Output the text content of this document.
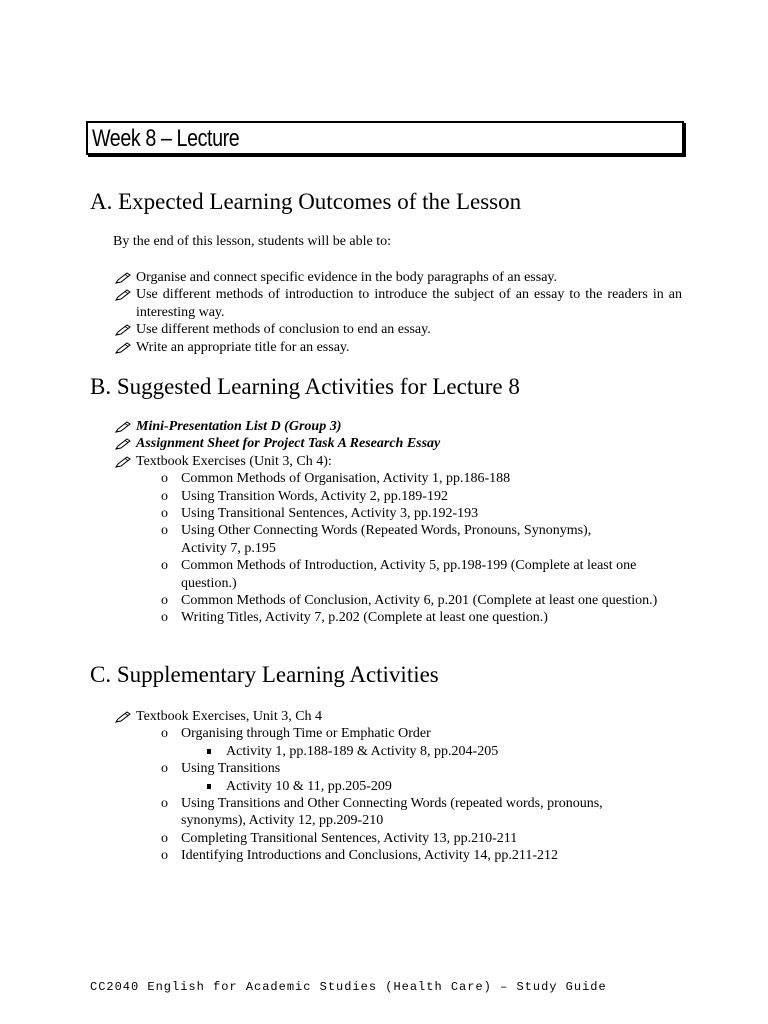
Week 8 – Lecture
A. Expected Learning Outcomes of the Lesson

By the end of this lesson, students will be able to:

Organise and connect specific evidence in the body paragraphs of an essay.
Use different methods of introduction to introduce the subject of an essay to the readers in an interesting way.
Use different methods of conclusion to end an essay.
Write an appropriate title for an essay.
B. Suggested Learning Activities for Lecture 8
Mini-Presentation List D (Group 3)
Assignment Sheet for Project Task A Research Essay
Textbook Exercises (Unit 3, Ch 4):
o Common Methods of Organisation, Activity 1, pp.186-188
o Using Transition Words, Activity 2, pp.189-192
o Using Transitional Sentences, Activity 3, pp.192-193
o Using Other Connecting Words (Repeated Words, Pronouns, Synonyms), Activity 7, p.195
o Common Methods of Introduction, Activity 5, pp.198-199 (Complete at least one question.)
o Common Methods of Conclusion, Activity 6, p.201 (Complete at least one question.)
o Writing Titles, Activity 7, p.202 (Complete at least one question.)
C. Supplementary Learning Activities
Textbook Exercises, Unit 3, Ch 4
o Organising through Time or Emphatic Order
Activity 1, pp.188-189 & Activity 8, pp.204-205
o Using Transitions
Activity 10 & 11, pp.205-209
o Using Transitions and Other Connecting Words (repeated words, pronouns, synonyms), Activity 12, pp.209-210
o Completing Transitional Sentences, Activity 13, pp.210-211
o Identifying Introductions and Conclusions, Activity 14, pp.211-212
CC2040 English for Academic Studies (Health Care) – Study Guide
